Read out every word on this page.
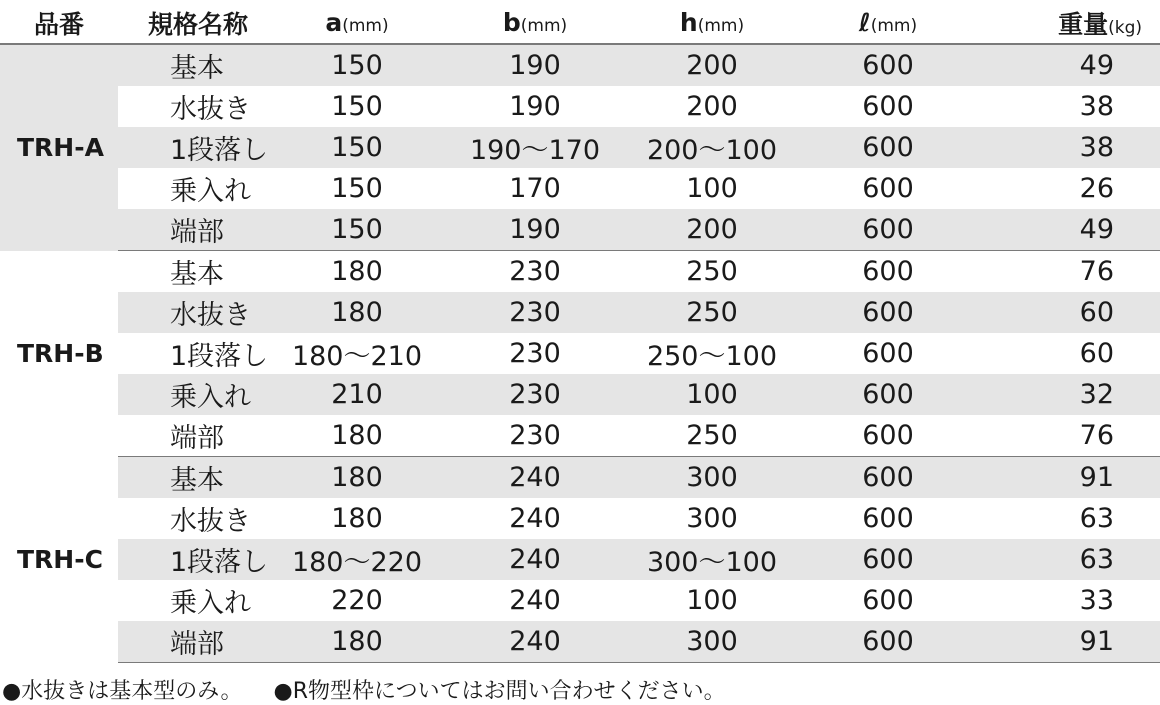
品番	規格名称	a(mm)	b(mm)	h(mm)	ℓ(mm)	重量(kg)
TRH-A	基本	150	190	200	600	49
	水抜き	150	190	200	600	38
	1段落し	150	190〜170	200〜100	600	38
	乗入れ	150	170	100	600	26
	端部	150	190	200	600	49
TRH-B	基本	180	230	250	600	76
	水抜き	180	230	250	600	60
	1段落し	180〜210	230	250〜100	600	60
	乗入れ	210	230	100	600	32
	端部	180	230	250	600	76
TRH-C	基本	180	240	300	600	91
	水抜き	180	240	300	600	63
	1段落し	180〜220	240	300〜100	600	63
	乗入れ	220	240	100	600	33
	端部	180	240	300	600	91
●水抜きは基本型のみ。 ●R物型枠についてはお問い合わせください。
